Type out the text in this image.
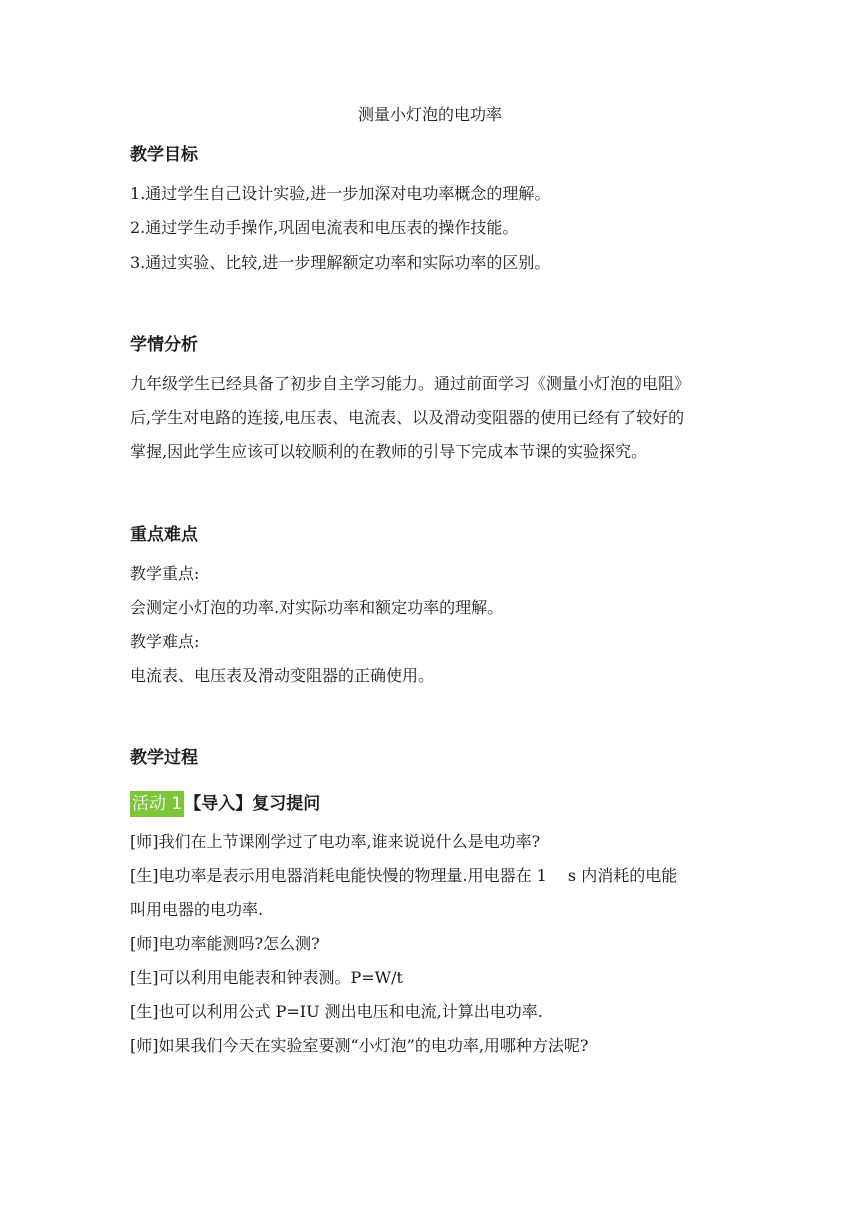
测量小灯泡的电功率
教学目标
1.通过学生自己设计实验,进一步加深对电功率概念的理解。
2.通过学生动手操作,巩固电流表和电压表的操作技能。
3.通过实验、比较,进一步理解额定功率和实际功率的区别。
学情分析
九年级学生已经具备了初步自主学习能力。通过前面学习《测量小灯泡的电阻》
后,学生对电路的连接,电压表、电流表、以及滑动变阻器的使用已经有了较好的
掌握,因此学生应该可以较顺利的在教师的引导下完成本节课的实验探究。
重点难点
教学重点:
会测定小灯泡的功率.对实际功率和额定功率的理解。
教学难点:
电流表、电压表及滑动变阻器的正确使用。
教学过程
活动 1 【导入】复习提问
[师]我们在上节课刚学过了电功率,谁来说说什么是电功率?
[生]电功率是表示用电器消耗电能快慢的物理量.用电器在 1 　s 内消耗的电能
叫用电器的电功率.
[师]电功率能测吗?怎么测?
[生]可以利用电能表和钟表测。P=W/t
[生]也可以利用公式 P=IU 测出电压和电流,计算出电功率.
[师]如果我们今天在实验室要测“小灯泡”的电功率,用哪种方法呢?
